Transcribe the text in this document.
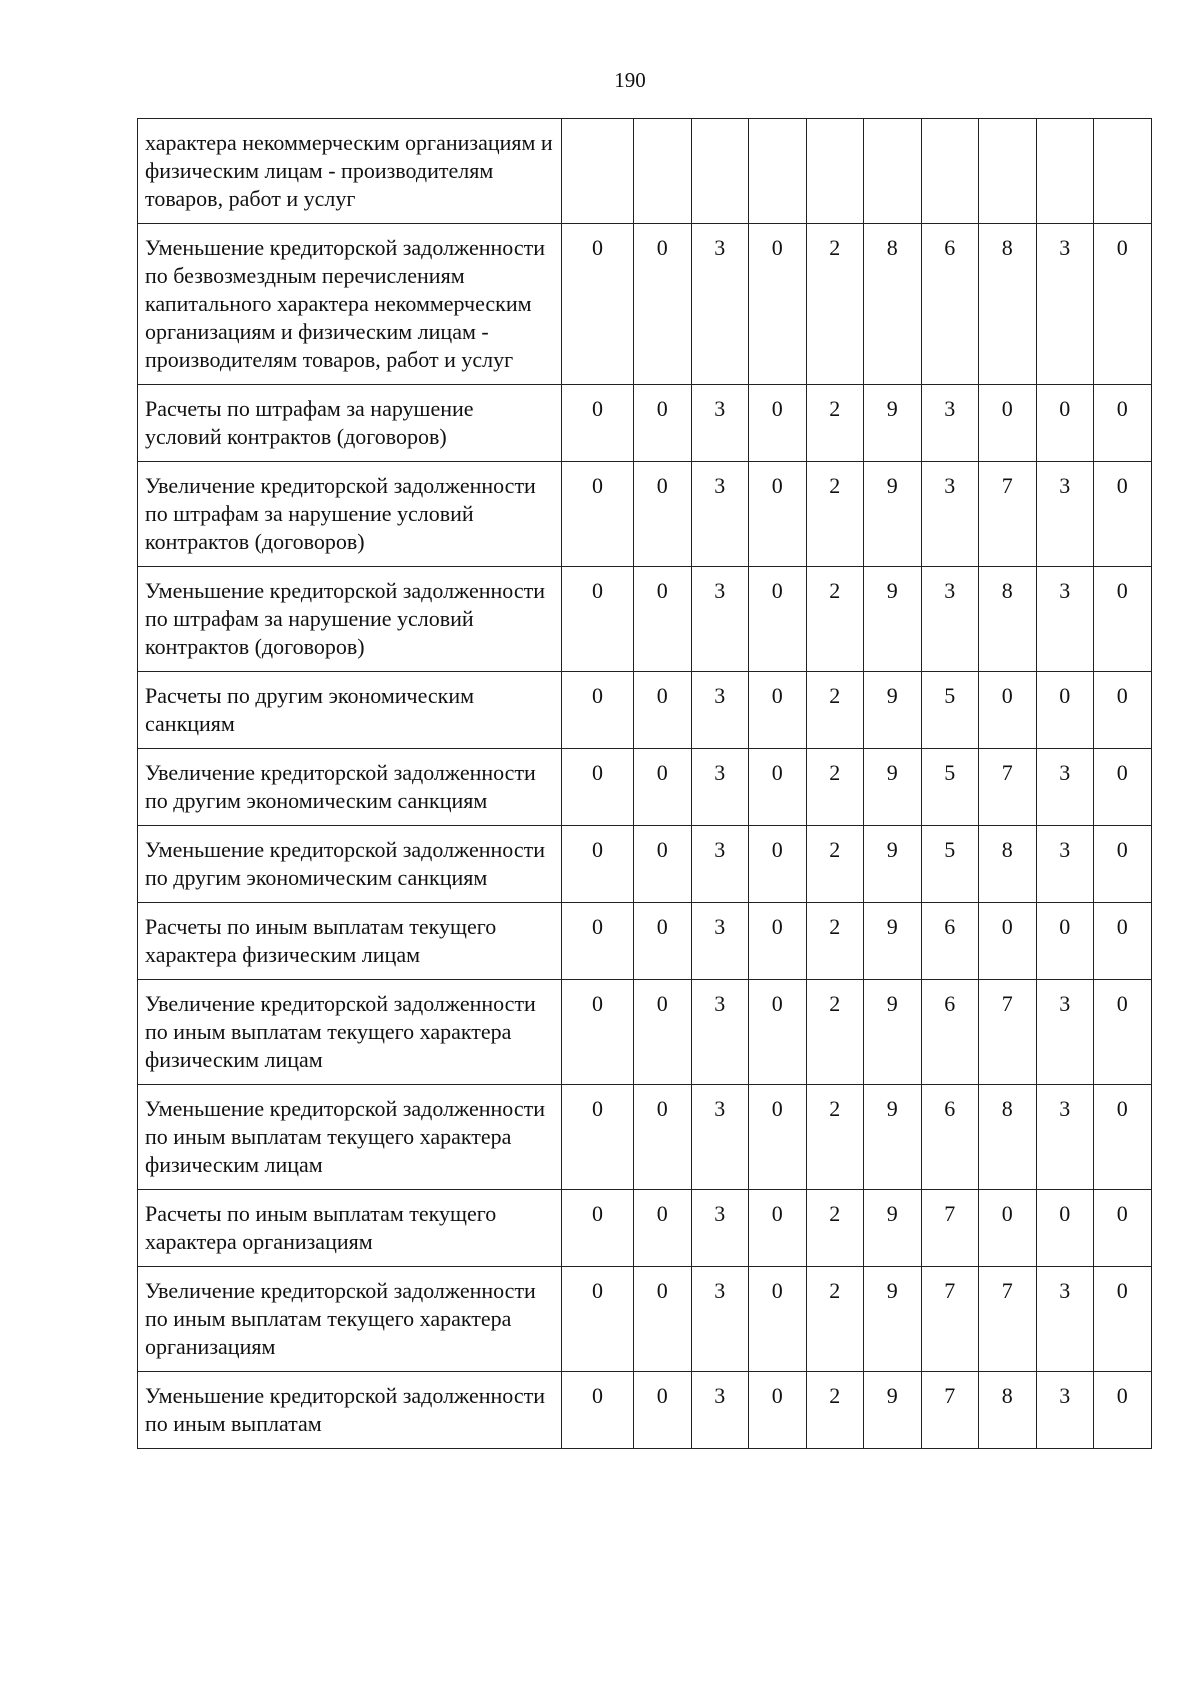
190
характера некоммерческим организациям и физическим лицам - производителям товаров, работ и услуг										
Уменьшение кредиторской задолженности по безвозмездным перечислениям капитального характера некоммерческим организациям и физическим лицам - производителям товаров, работ и услуг	0	0	3	0	2	8	6	8	3	0
Расчеты по штрафам за нарушение условий контрактов (договоров)	0	0	3	0	2	9	3	0	0	0
Увеличение кредиторской задолженности по штрафам за нарушение условий контрактов (договоров)	0	0	3	0	2	9	3	7	3	0
Уменьшение кредиторской задолженности по штрафам за нарушение условий контрактов (договоров)	0	0	3	0	2	9	3	8	3	0
Расчеты по другим экономическим санкциям	0	0	3	0	2	9	5	0	0	0
Увеличение кредиторской задолженности по другим экономическим санкциям	0	0	3	0	2	9	5	7	3	0
Уменьшение кредиторской задолженности по другим экономическим санкциям	0	0	3	0	2	9	5	8	3	0
Расчеты по иным выплатам текущего характера физическим лицам	0	0	3	0	2	9	6	0	0	0
Увеличение кредиторской задолженности по иным выплатам текущего характера физическим лицам	0	0	3	0	2	9	6	7	3	0
Уменьшение кредиторской задолженности по иным выплатам текущего характера физическим лицам	0	0	3	0	2	9	6	8	3	0
Расчеты по иным выплатам текущего характера организациям	0	0	3	0	2	9	7	0	0	0
Увеличение кредиторской задолженности по иным выплатам текущего характера организациям	0	0	3	0	2	9	7	7	3	0
Уменьшение кредиторской задолженности по иным выплатам	0	0	3	0	2	9	7	8	3	0
